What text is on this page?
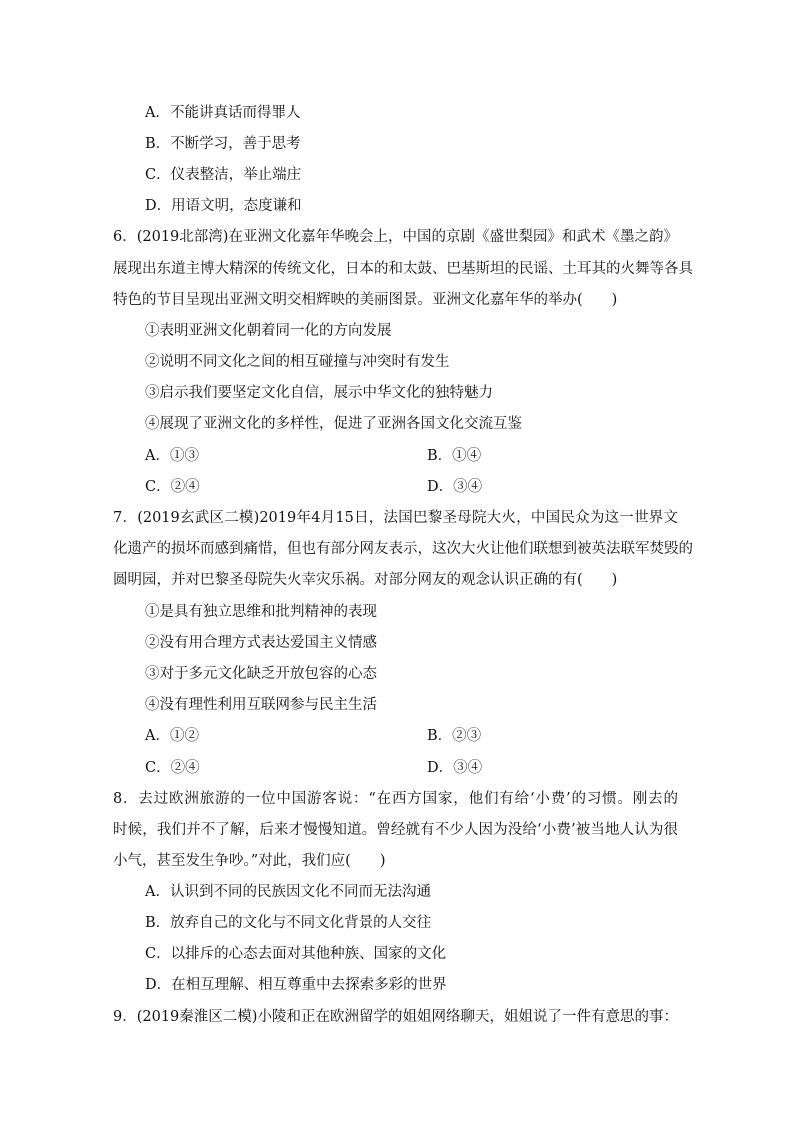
A．不能讲真话而得罪人
B．不断学习，善于思考
C．仪表整洁，举止端庄
D．用语文明，态度谦和
6．(2019北部湾)在亚洲文化嘉年华晚会上，中国的京剧《盛世梨园》和武术《墨之韵》
展现出东道主博大精深的传统文化，日本的和太鼓、巴基斯坦的民谣、土耳其的火舞等各具
特色的节目呈现出亚洲文明交相辉映的美丽图景。亚洲文化嘉年华的举办(　　)
①表明亚洲文化朝着同一化的方向发展
②说明不同文化之间的相互碰撞与冲突时有发生
③启示我们要坚定文化自信，展示中华文化的独特魅力
④展现了亚洲文化的多样性，促进了亚洲各国文化交流互鉴
A．①③	B．①④
C．②④	D．③④
7．(2019玄武区二模)2019年4月15日，法国巴黎圣母院大火，中国民众为这一世界文
化遗产的损坏而感到痛惜，但也有部分网友表示，这次大火让他们联想到被英法联军焚毁的
圆明园，并对巴黎圣母院失火幸灾乐祸。对部分网友的观念认识正确的有(　　)
①是具有独立思维和批判精神的表现
②没有用合理方式表达爱国主义情感
③对于多元文化缺乏开放包容的心态
④没有理性利用互联网参与民主生活
A．①②	B．②③
C．②④	D．③④
8．去过欧洲旅游的一位中国游客说：“在西方国家，他们有给‘小费’的习惯。刚去的
时候，我们并不了解，后来才慢慢知道。曾经就有不少人因为没给‘小费’被当地人认为很
小气，甚至发生争吵。”对此，我们应(　　)
A．认识到不同的民族因文化不同而无法沟通
B．放弃自己的文化与不同文化背景的人交往
C．以排斥的心态去面对其他种族、国家的文化
D．在相互理解、相互尊重中去探索多彩的世界
9．(2019秦淮区二模)小陵和正在欧洲留学的姐姐网络聊天，姐姐说了一件有意思的事：
